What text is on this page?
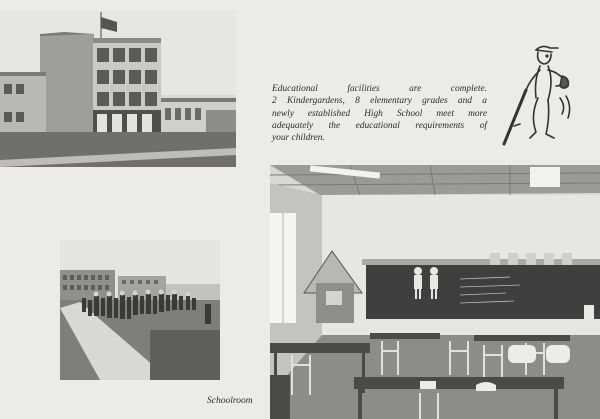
Educational facilities are complete.
2 Kindergardens, 8 elementary grades and a
newly established High School meet more
adequately the educational requirements of
your children.

Schoolroom
